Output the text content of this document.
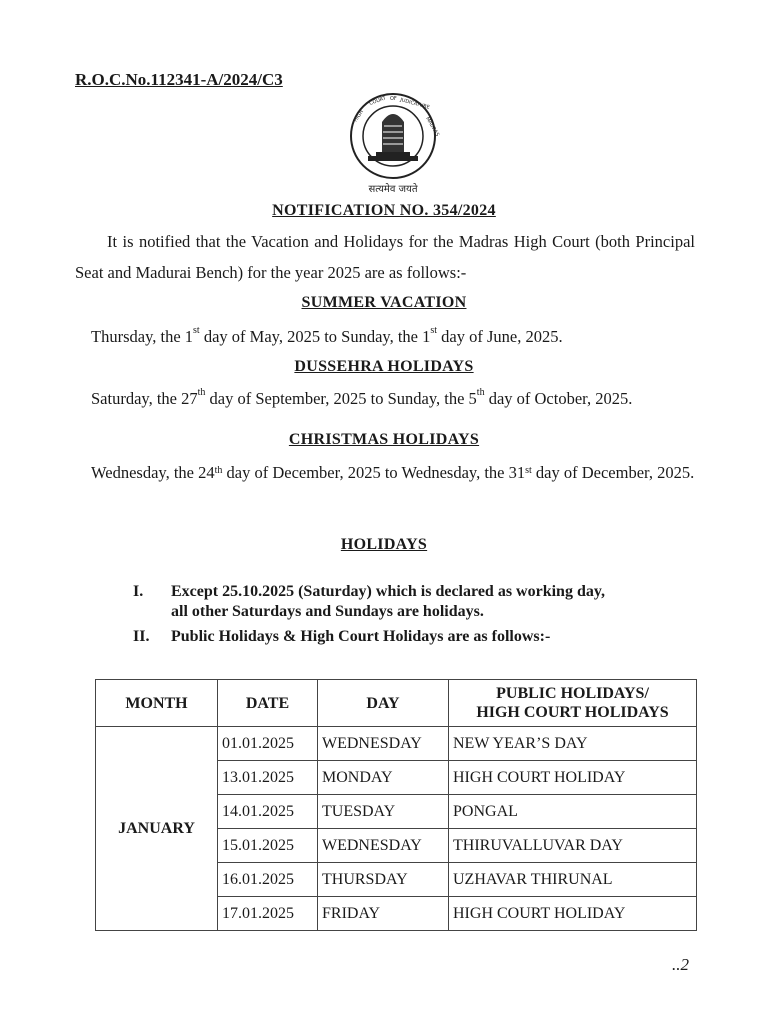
R.O.C.No.112341-A/2024/C3
HIGH
COURT OF JUDICATURE
MADRAS
सत्यमेव जयते
NOTIFICATION NO. 354/2024
It is notified that the Vacation and Holidays for the Madras High Court (both Principal Seat and Madurai Bench) for the year 2025 are as follows:-
SUMMER VACATION
Thursday, the 1st day of May, 2025 to Sunday, the 1st day of June, 2025.
DUSSEHRA HOLIDAYS
Saturday, the 27th day of September, 2025 to Sunday, the 5th day of October, 2025.
CHRISTMAS HOLIDAYS
Wednesday, the 24th day of December, 2025 to Wednesday, the 31st day of December, 2025.
HOLIDAYS
I.	Except 25.10.2025 (Saturday) which is declared as working day,
all other Saturdays and Sundays are holidays.
II.	Public Holidays & High Court Holidays are as follows:-
MONTH	DATE	DAY	PUBLIC HOLIDAYS/
HIGH COURT HOLIDAYS

JANUARY	01.01.2025	WEDNESDAY	NEW YEAR’S DAY
	13.01.2025	MONDAY	HIGH COURT HOLIDAY
	14.01.2025	TUESDAY	PONGAL
	15.01.2025	WEDNESDAY	THIRUVALLUVAR DAY
	16.01.2025	THURSDAY	UZHAVAR THIRUNAL
	17.01.2025	FRIDAY	HIGH COURT HOLIDAY
..2
